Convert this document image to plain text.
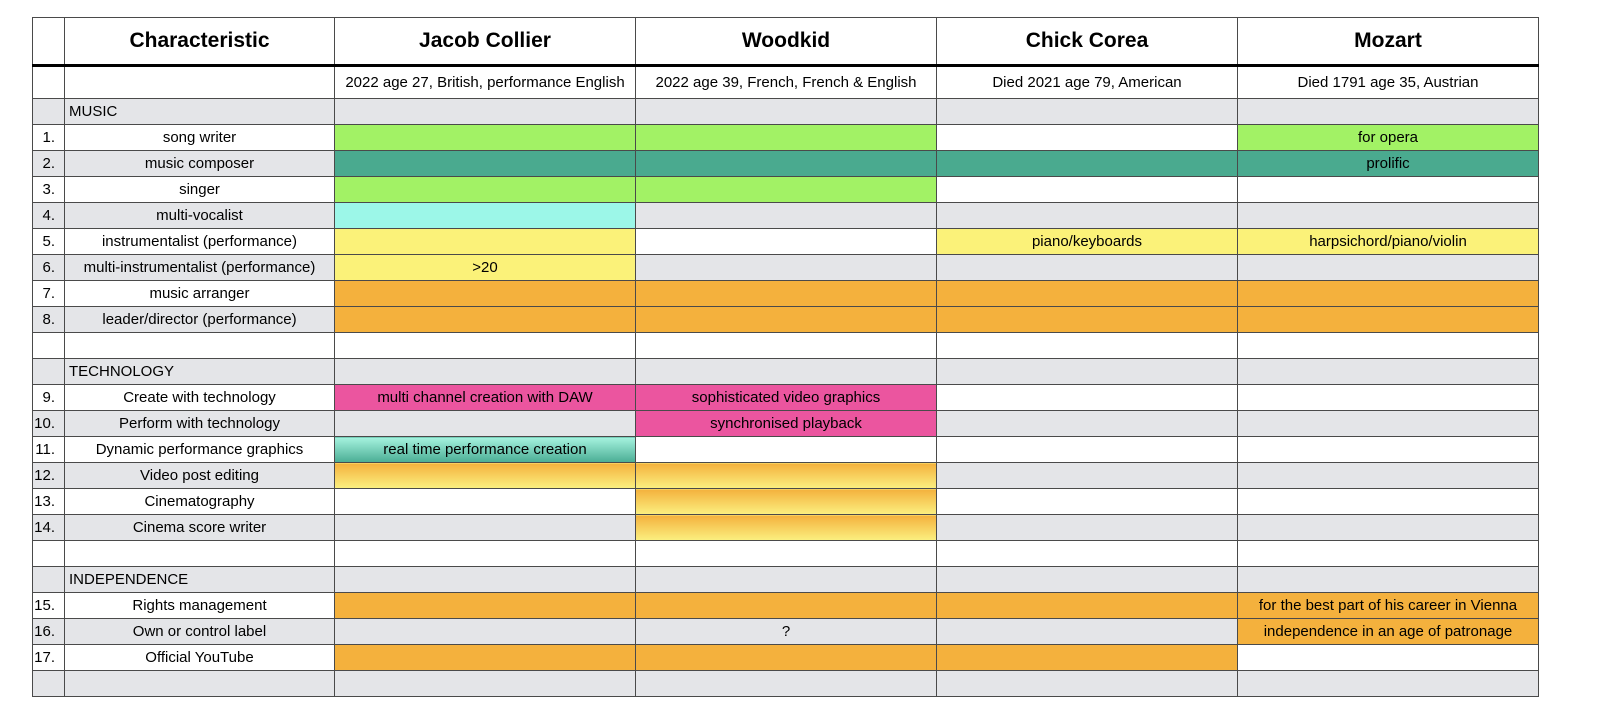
	Characteristic	Jacob Collier	Woodkid	Chick Corea	Mozart
		2022 age 27, British, performance English	2022 age 39, French, French & English	Died 2021 age 79, American	Died 1791 age 35, Austrian
	MUSIC				
1.	song writer				for opera
2.	music composer				prolific
3.	singer				
4.	multi-vocalist				
5.	instrumentalist (performance)			piano/keyboards	harpsichord/piano/violin
6.	multi-instrumentalist (performance)	>20			
7.	music arranger				
8.	leader/director (performance)				

	TECHNOLOGY				
9.	Create with technology	multi channel creation with DAW	sophisticated video graphics		
10.	Perform with technology		synchronised playback		
11.	Dynamic performance graphics	real time performance creation			
12.	Video post editing				
13.	Cinematography				
14.	Cinema score writer				

	INDEPENDENCE				
15.	Rights management				for the best part of his career in Vienna
16.	Own or control label		?		independence in an age of patronage
17.	Official YouTube				
